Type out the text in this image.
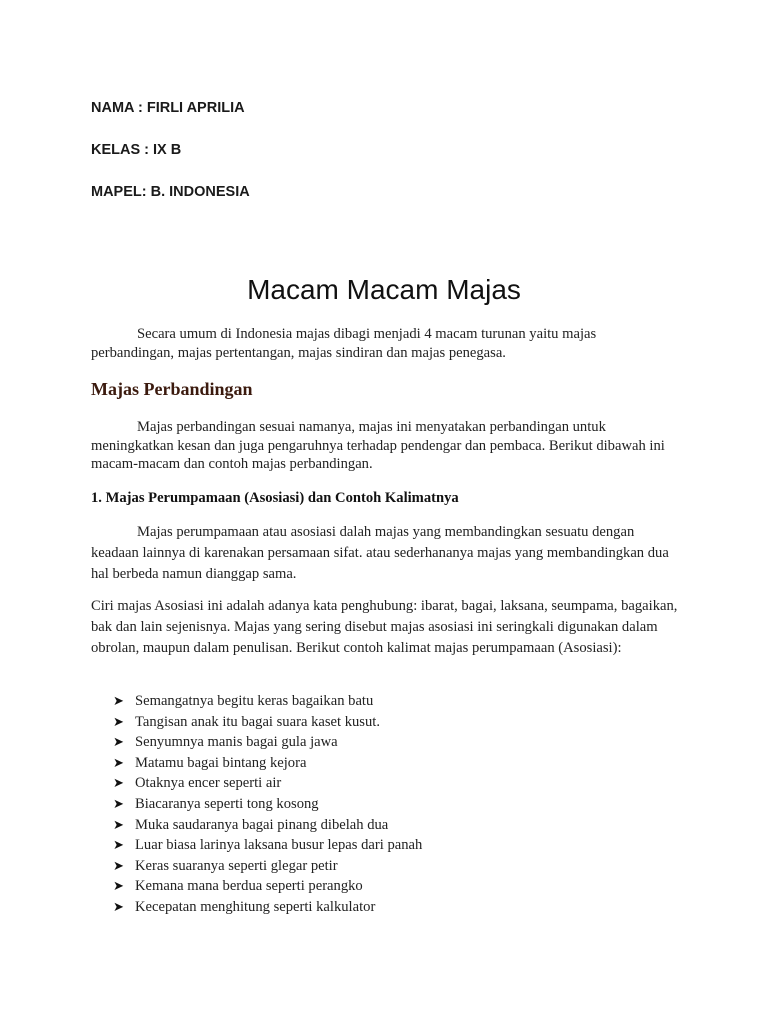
NAMA : FIRLI APRILIA
KELAS : IX B
MAPEL: B. INDONESIA
Macam Macam Majas

Secara umum di Indonesia majas dibagi menjadi 4 macam turunan yaitu majas perbandingan, majas pertentangan, majas sindiran dan majas penegasa.

Majas Perbandingan

Majas perbandingan sesuai namanya, majas ini menyatakan perbandingan untuk meningkatkan kesan dan juga pengaruhnya terhadap pendengar dan pembaca. Berikut dibawah ini macam-macam dan contoh majas perbandingan.

1. Majas Perumpamaan (Asosiasi) dan Contoh Kalimatnya

Majas perumpamaan atau asosiasi dalah majas yang membandingkan sesuatu dengan keadaan lainnya di karenakan persamaan sifat. atau sederhananya majas yang membandingkan dua hal berbeda namun dianggap sama.

Ciri majas Asosiasi ini adalah adanya kata penghubung: ibarat, bagai, laksana, seumpama, bagaikan, bak dan lain sejenisnya. Majas yang sering disebut majas asosiasi ini seringkali digunakan dalam obrolan, maupun dalam penulisan. Berikut contoh kalimat majas perumpamaan (Asosiasi):

➤ Semangatnya begitu keras bagaikan batu
➤ Tangisan anak itu bagai suara kaset kusut.
➤ Senyumnya manis bagai gula jawa
➤ Matamu bagai bintang kejora
➤ Otaknya encer seperti air
➤ Biacaranya seperti tong kosong
➤ Muka saudaranya bagai pinang dibelah dua
➤ Luar biasa larinya laksana busur lepas dari panah
➤ Keras suaranya seperti glegar petir
➤ Kemana mana berdua seperti perangko
➤ Kecepatan menghitung seperti kalkulator
